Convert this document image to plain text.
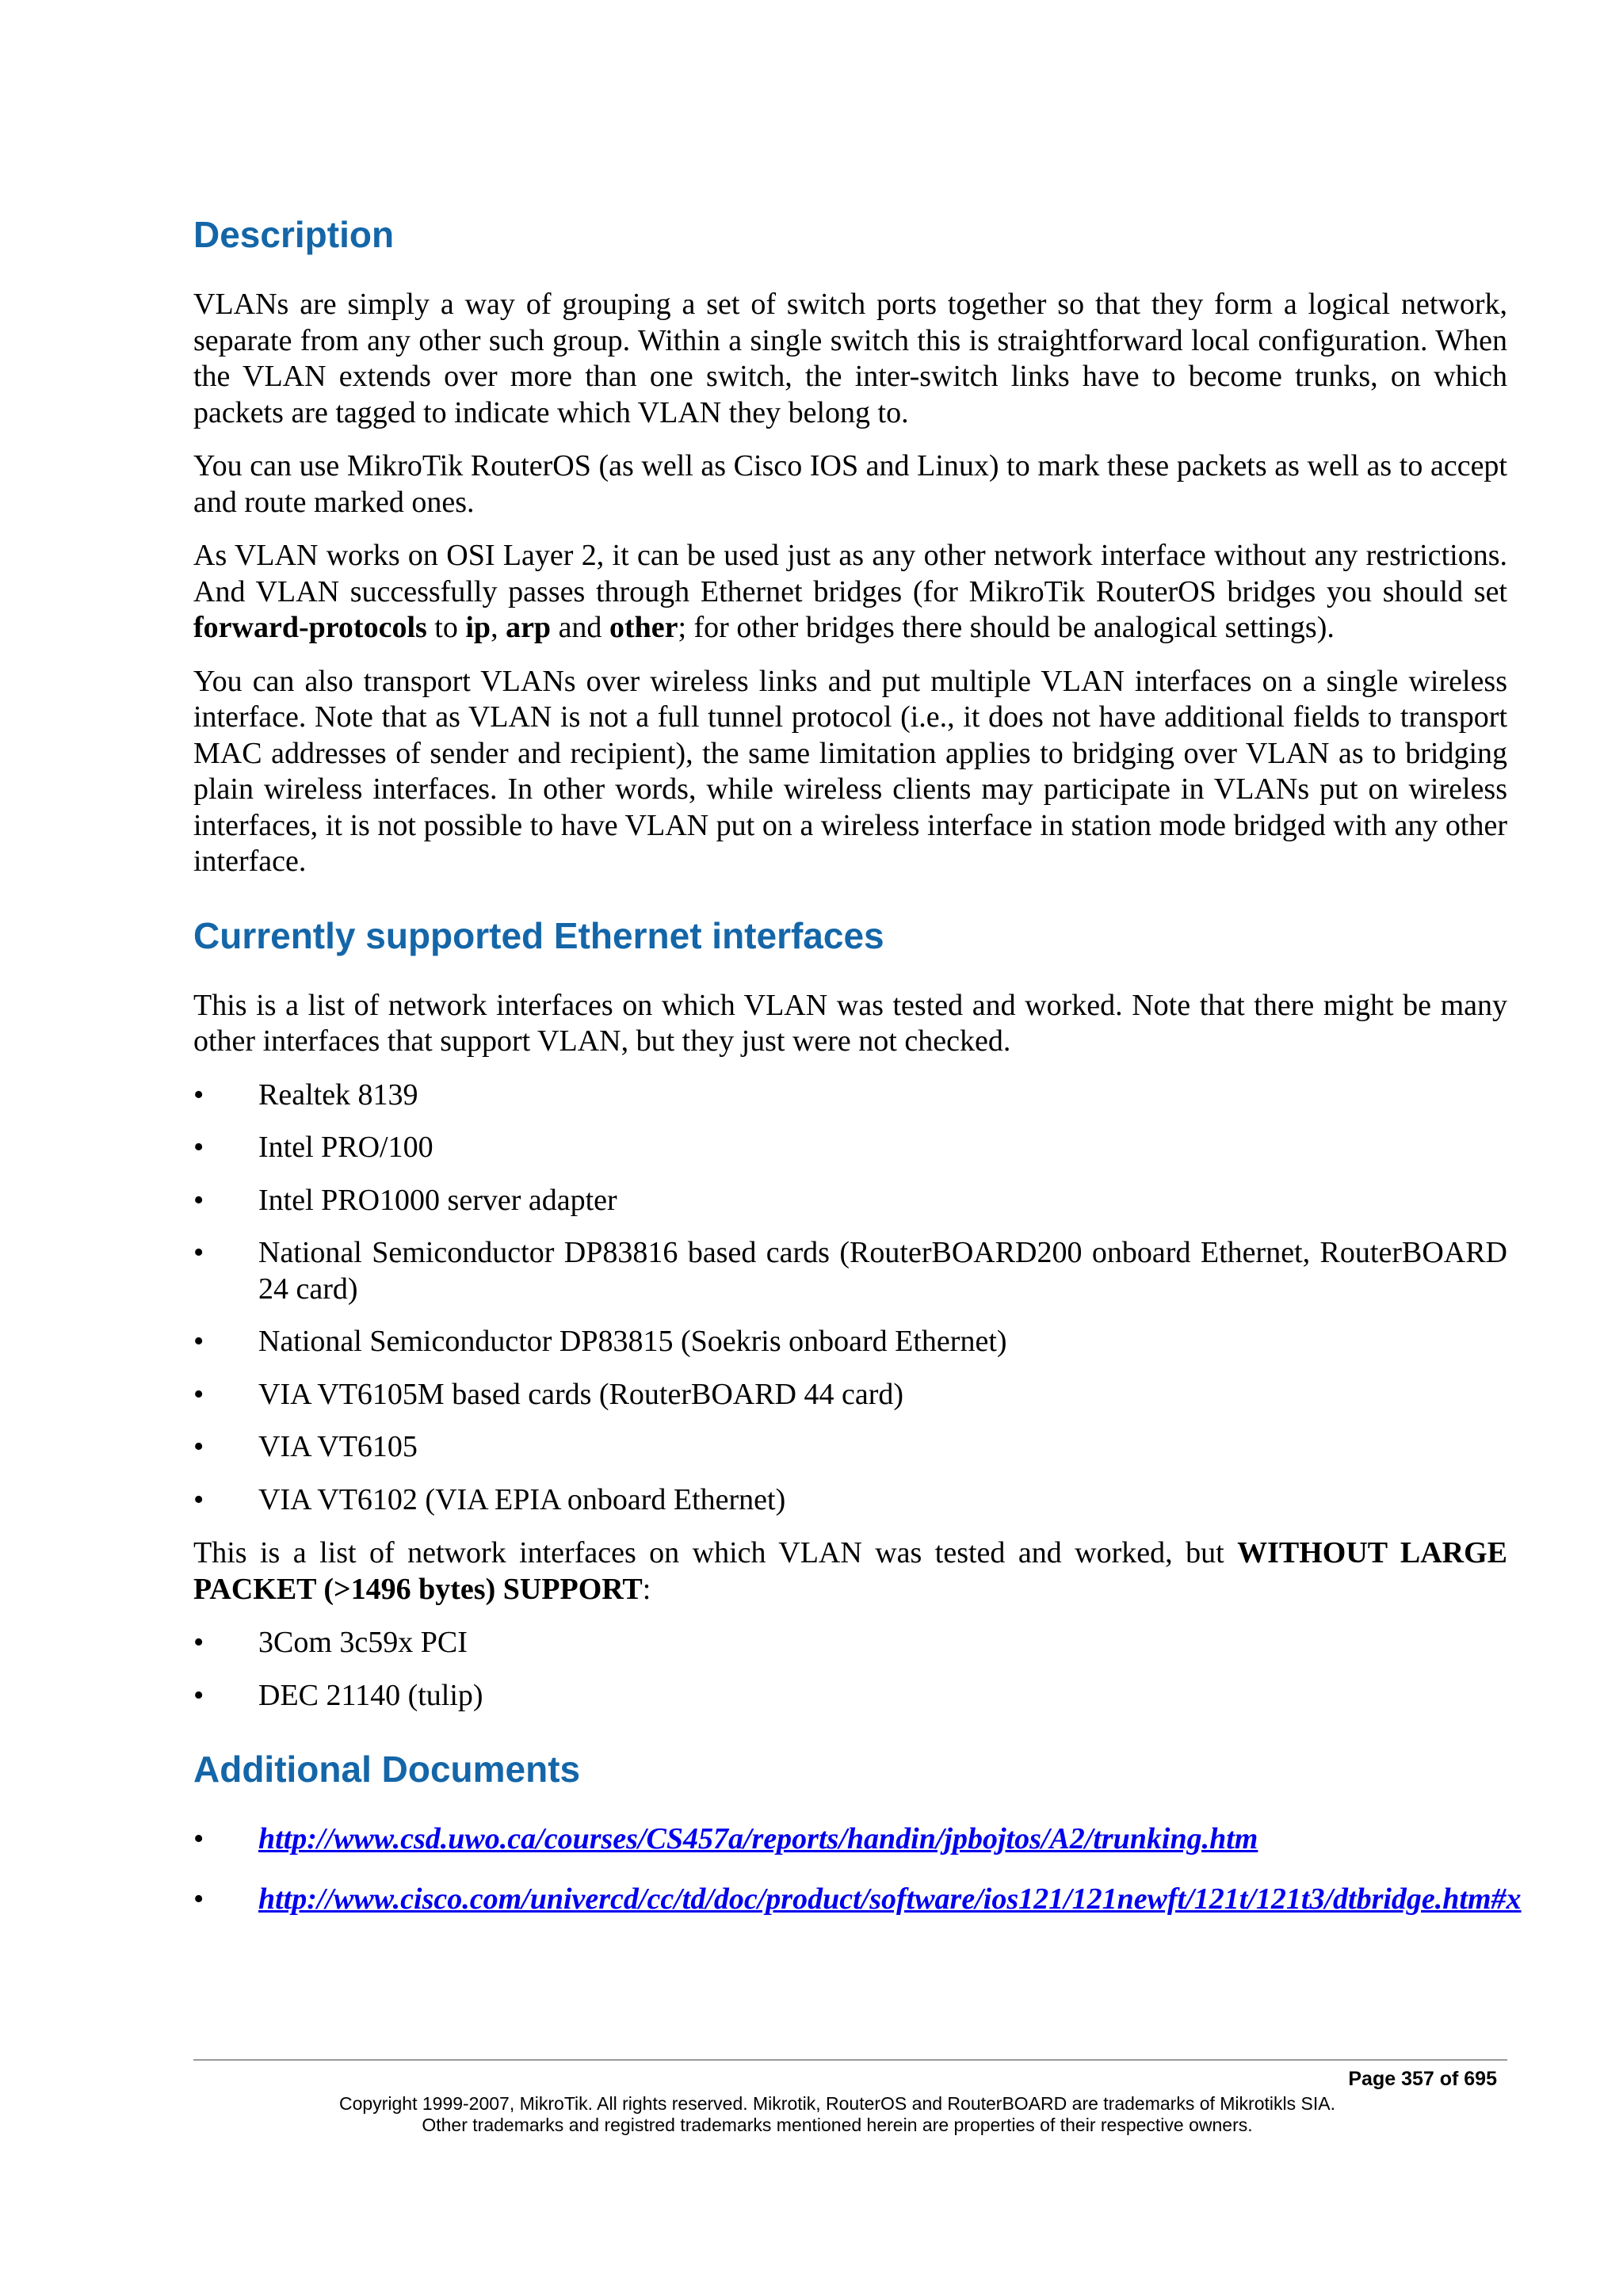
Description

VLANs are simply a way of grouping a set of switch ports together so that they form a logical network, separate from any other such group. Within a single switch this is straightforward local configuration. When the VLAN extends over more than one switch, the inter-switch links have to become trunks, on which packets are tagged to indicate which VLAN they belong to.

You can use MikroTik RouterOS (as well as Cisco IOS and Linux) to mark these packets as well as to accept and route marked ones.

As VLAN works on OSI Layer 2, it can be used just as any other network interface without any restrictions. And VLAN successfully passes through Ethernet bridges (for MikroTik RouterOS bridges you should set forward-protocols to ip, arp and other; for other bridges there should be analogical settings).

You can also transport VLANs over wireless links and put multiple VLAN interfaces on a single wireless interface. Note that as VLAN is not a full tunnel protocol (i.e., it does not have additional fields to transport MAC addresses of sender and recipient), the same limitation applies to bridging over VLAN as to bridging plain wireless interfaces. In other words, while wireless clients may participate in VLANs put on wireless interfaces, it is not possible to have VLAN put on a wireless interface in station mode bridged with any other interface.

Currently supported Ethernet interfaces

This is a list of network interfaces on which VLAN was tested and worked. Note that there might be many other interfaces that support VLAN, but they just were not checked.

• Realtek 8139
• Intel PRO/100
• Intel PRO1000 server adapter
• National Semiconductor DP83816 based cards (RouterBOARD200 onboard Ethernet, RouterBOARD 24 card)
• National Semiconductor DP83815 (Soekris onboard Ethernet)
• VIA VT6105M based cards (RouterBOARD 44 card)
• VIA VT6105
• VIA VT6102 (VIA EPIA onboard Ethernet)

This is a list of network interfaces on which VLAN was tested and worked, but WITHOUT LARGE PACKET (>1496 bytes) SUPPORT:

• 3Com 3c59x PCI
• DEC 21140 (tulip)
Additional Documents
• http://www.csd.uwo.ca/courses/CS457a/reports/handin/jpbojtos/A2/trunking.htm
• http://www.cisco.com/univercd/cc/td/doc/product/software/ios121/121newft/121t/121t3/dtbridge.htm#x
Page 357 of 695
Copyright 1999-2007, MikroTik. All rights reserved. Mikrotik, RouterOS and RouterBOARD are trademarks of Mikrotikls SIA.
Other trademarks and registred trademarks mentioned herein are properties of their respective owners.
